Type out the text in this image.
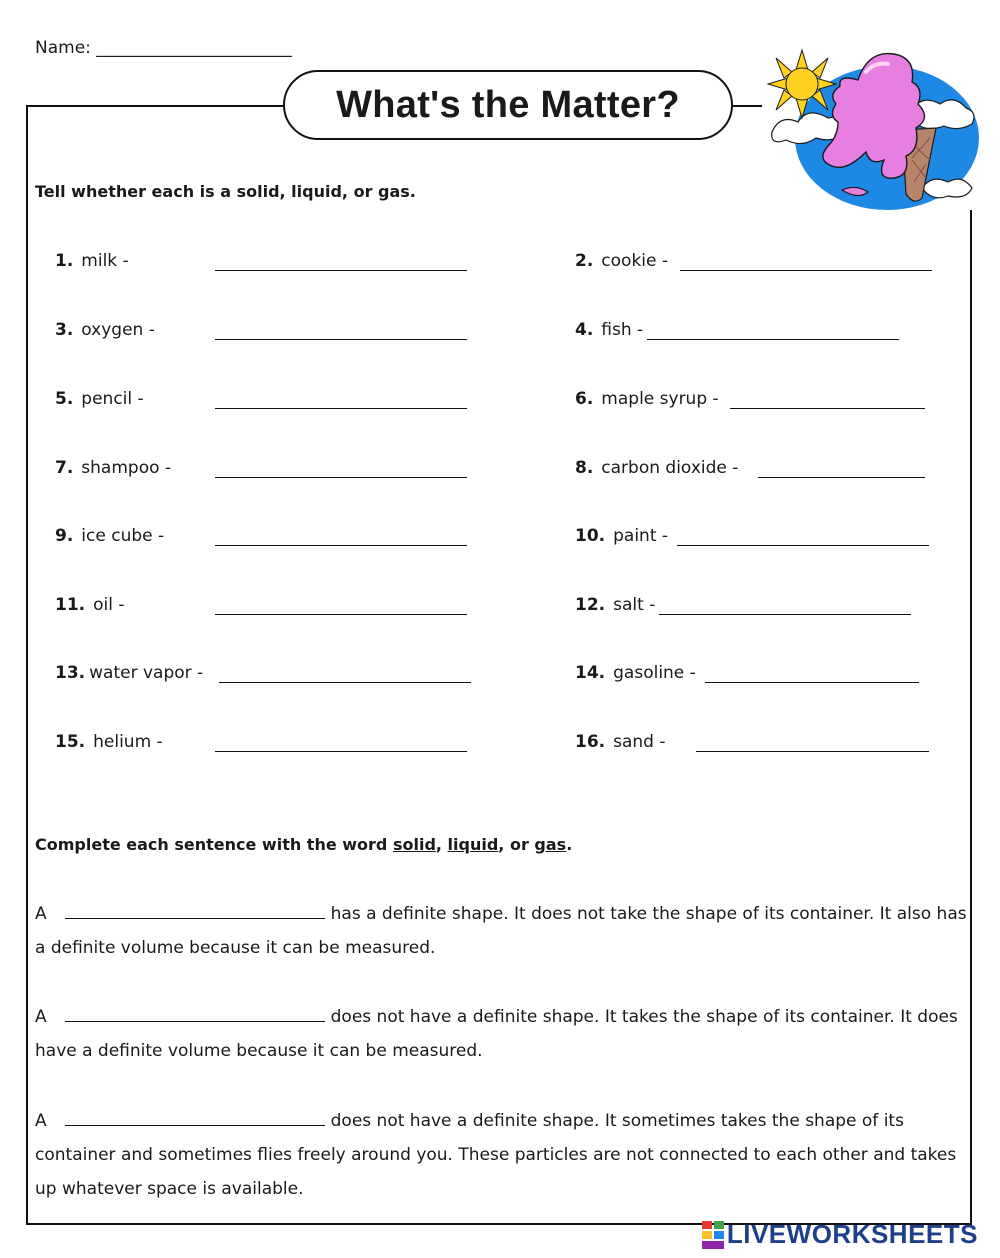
Name: _______________________
What's the Matter?
Tell whether each is a solid, liquid, or gas.
1. milk -	2. cookie -
3. oxygen -	4. fish -
5. pencil -	6. maple syrup -
7. shampoo -	8. carbon dioxide -
9. ice cube -	10. paint -
11. oil -	12. salt -
13. water vapor -	14. gasoline -
15. helium -	16. sand -
Complete each sentence with the word solid, liquid, or gas.
A	has a definite shape. It does not take the shape of its container. It also has a definite volume because it can be measured.
A	does not have a definite shape. It takes the shape of its container. It does have a definite volume because it can be measured.
A	does not have a definite shape. It sometimes takes the shape of its container and sometimes flies freely around you. These particles are not connected to each other and takes up whatever space is available.
LIVEWORKSHEETS
